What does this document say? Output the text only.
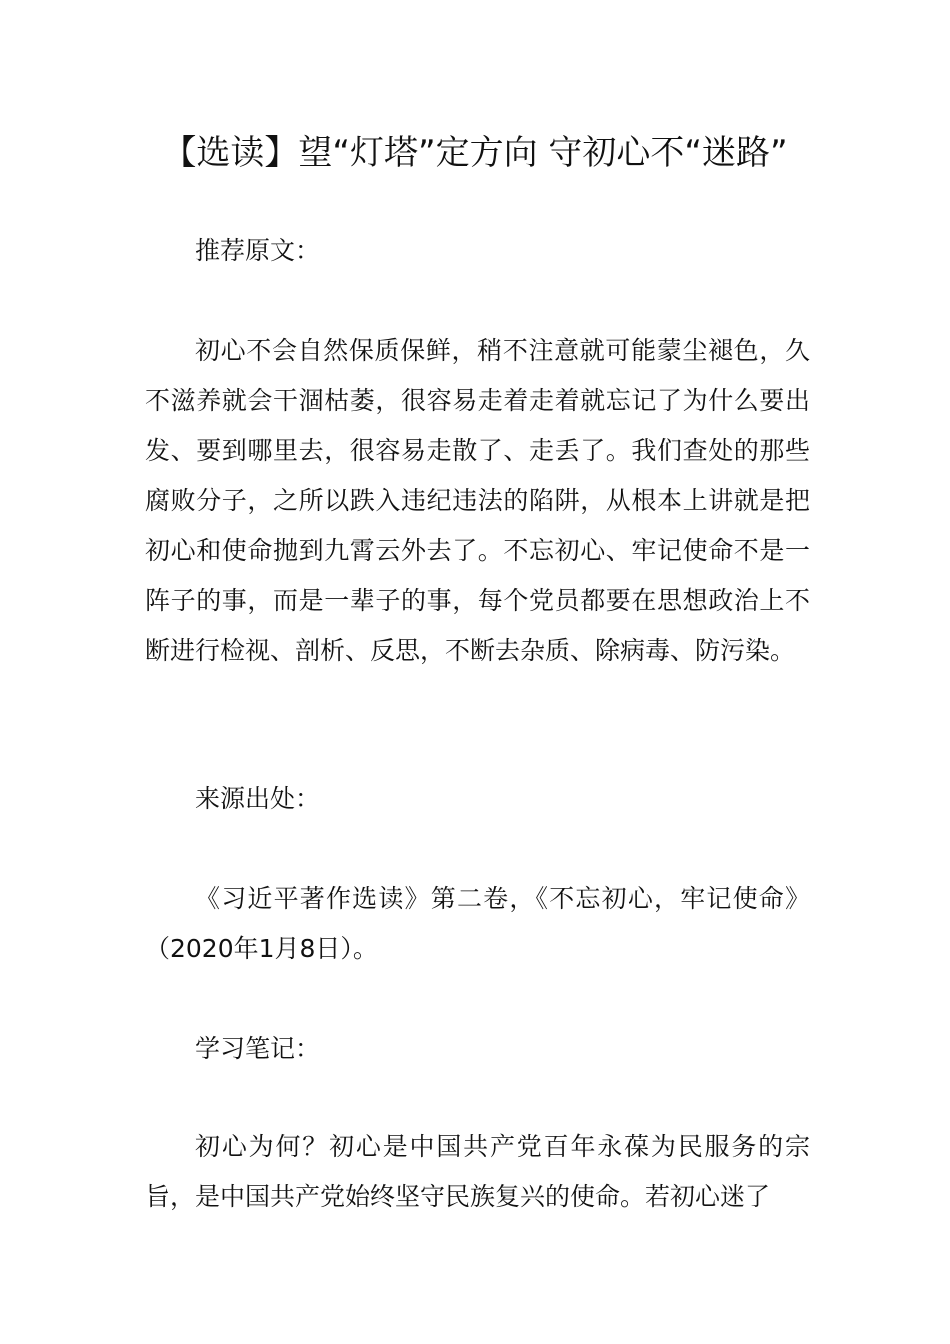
【选读】望“灯塔”定方向 守初心不“迷路”

推荐原文：

初心不会自然保质保鲜，稍不注意就可能蒙尘褪色，久不滋养就会干涸枯萎，很容易走着走着就忘记了为什么要出发、要到哪里去，很容易走散了、走丢了。我们查处的那些腐败分子，之所以跌入违纪违法的陷阱，从根本上讲就是把初心和使命抛到九霄云外去了。不忘初心、牢记使命不是一阵子的事，而是一辈子的事，每个党员都要在思想政治上不断进行检视、剖析、反思，不断去杂质、除病毒、防污染。

来源出处：

《习近平著作选读》第二卷，《不忘初心，牢记使命》（2020年1月8日）。

学习笔记：

初心为何？初心是中国共产党百年永葆为民服务的宗旨，是中国共产党始终坚守民族复兴的使命。若初心迷了
